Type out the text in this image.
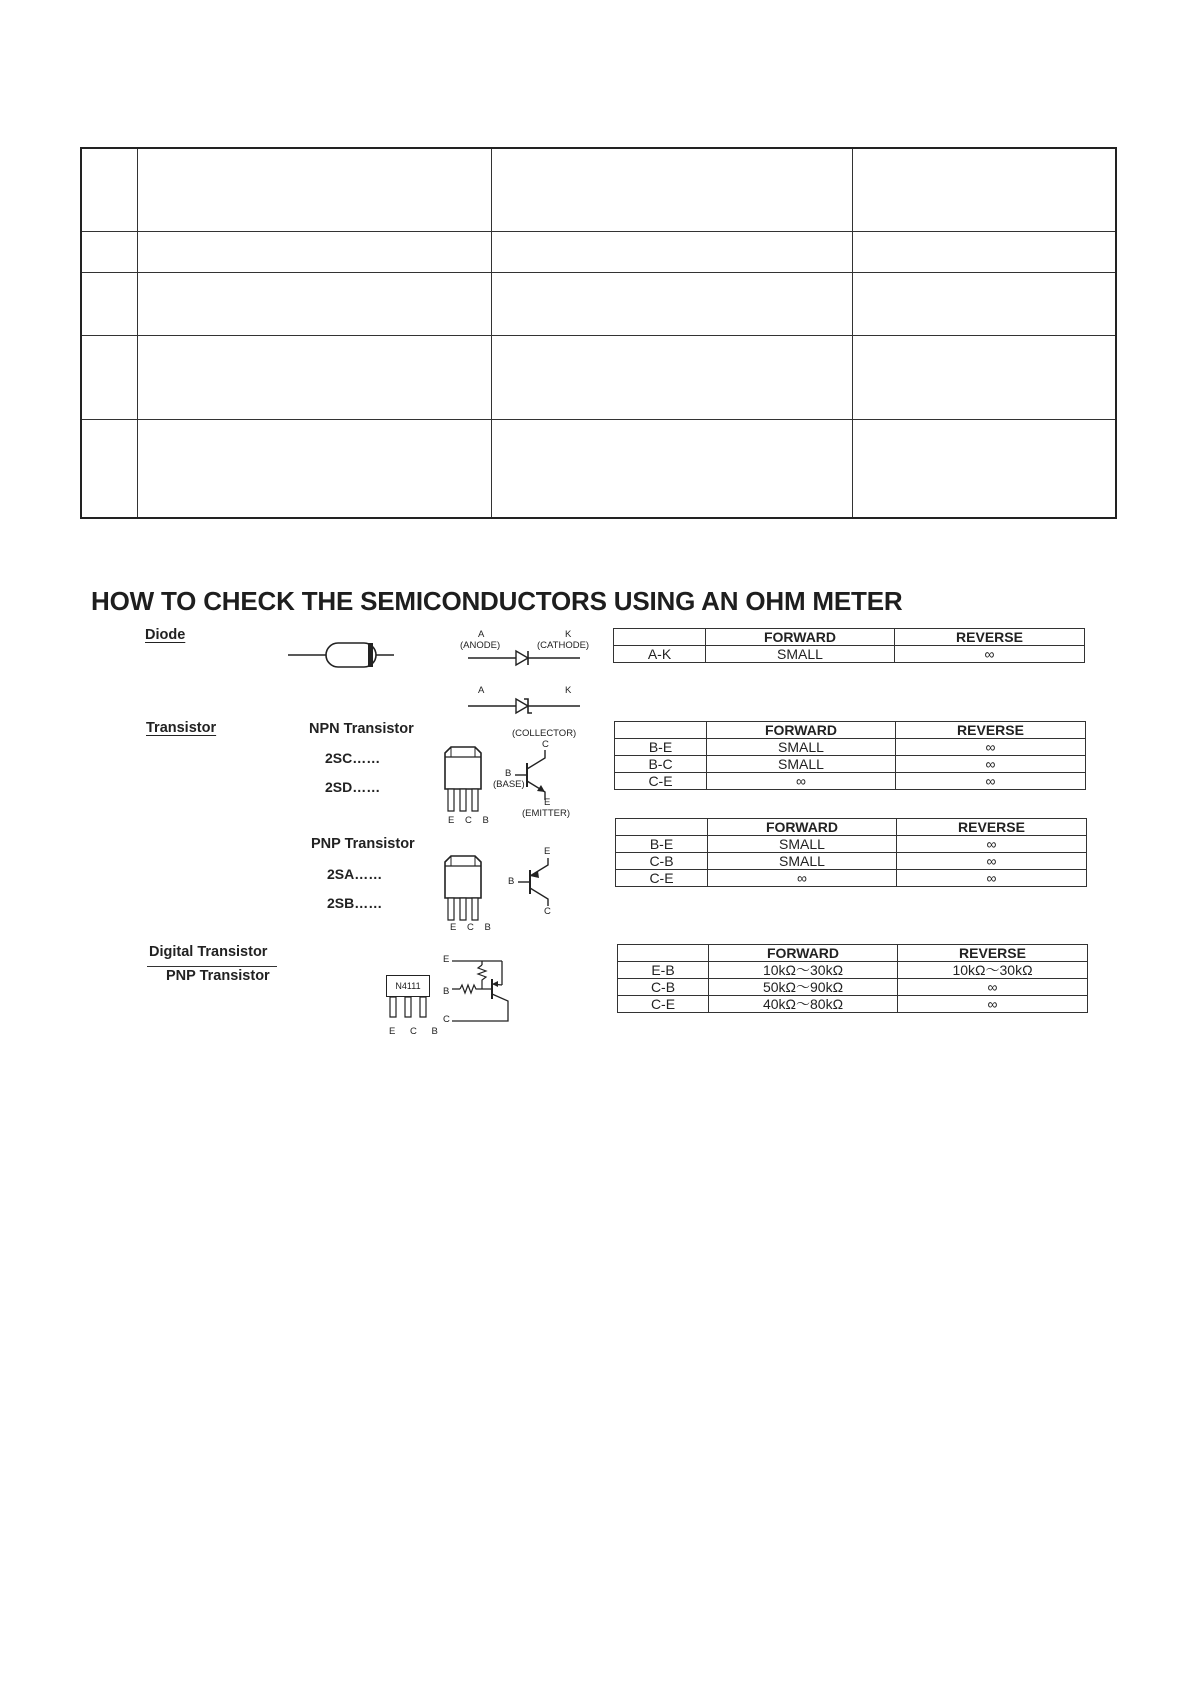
HOW TO CHECK THE SEMICONDUCTORS USING AN OHM METER
Diode	A
(ANODE)
K
(CATHODE)
A	K
	FORWARD	REVERSE
A-K	SMALL	∞
Transistor	NPN Transistor
2SC……
2SD……
E C B
(COLLECTOR)
C
B
(BASE)
E
(EMITTER)
	FORWARD	REVERSE
B-E	SMALL	∞
B-C	SMALL	∞
C-E	∞	∞
PNP Transistor
2SA……
2SB……
E C B
E
B
C
	FORWARD	REVERSE
B-E	SMALL	∞
C-B	SMALL	∞
C-E	∞	∞
Digital Transistor
PNP Transistor
N4111
E C B
E
B
C
	FORWARD	REVERSE
E-B	10kΩ～30kΩ	10kΩ～30kΩ
C-B	50kΩ～90kΩ	∞
C-E	40kΩ～80kΩ	∞
